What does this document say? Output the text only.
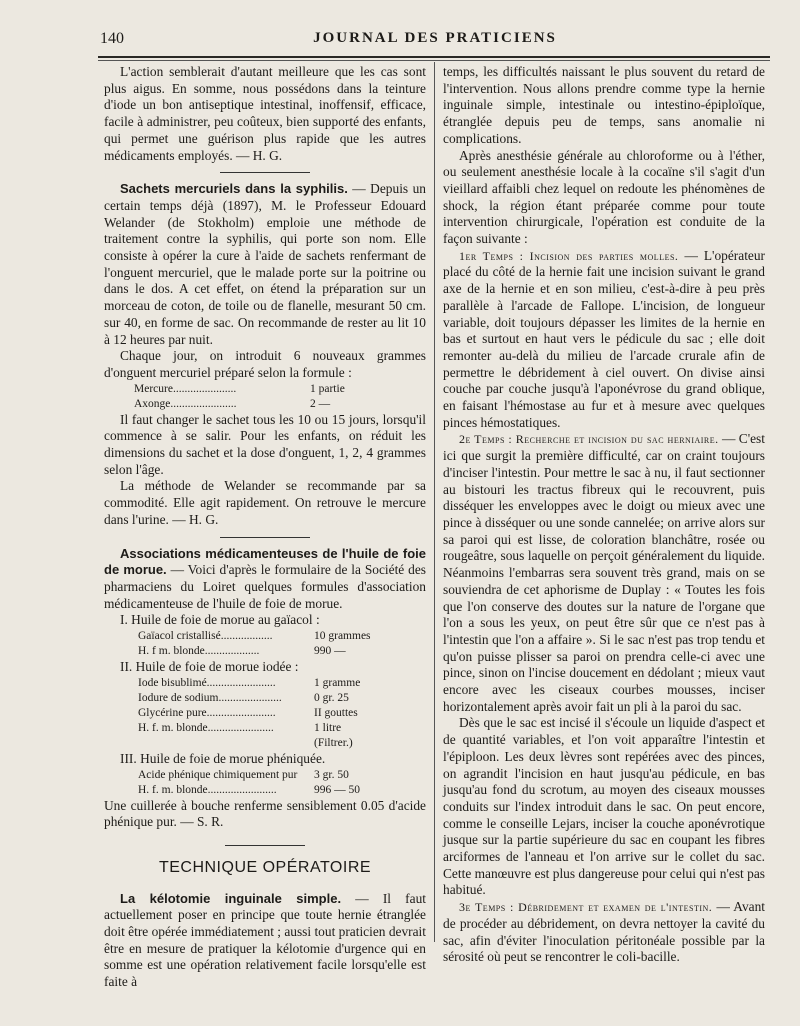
140	JOURNAL DES PRATICIENS

L'action semblerait d'autant meilleure que les cas sont plus aigus. En somme, nous possédons dans la teinture d'iode un bon antiseptique intestinal, inoffensif, efficace, facile à administrer, peu coûteux, bien supporté des enfants, qui permet une guérison plus rapide que les autres médicaments employés. — H. G.

Sachets mercuriels dans la syphilis. — Depuis un certain temps déjà (1897), M. le Professeur Edouard Welander (de Stokholm) emploie une méthode de traitement contre la syphilis, qui porte son nom. Elle consiste à opérer la cure à l'aide de sachets renfermant de l'onguent mercuriel, que le malade porte sur la poitrine ou dans le dos. A cet effet, on étend la préparation sur un morceau de coton, de toile ou de flanelle, mesurant 50 cm. sur 40, en forme de sac. On recommande de rester au lit 10 à 12 heures par nuit.

Chaque jour, on introduit 6 nouveaux grammes d'onguent mercuriel préparé selon la formule :

Mercure......................	1 partie
Axonge.......................	2 —

Il faut changer le sachet tous les 10 ou 15 jours, lorsqu'il commence à se salir. Pour les enfants, on réduit les dimensions du sachet et la dose d'onguent, 1, 2, 4 grammes selon l'âge.

La méthode de Welander se recommande par sa commodité. Elle agit rapidement. On retrouve le mercure dans l'urine. — H. G.

Associations médicamenteuses de l'huile de foie de morue. — Voici d'après le formulaire de la Société des pharmaciens du Loiret quelques formules d'association médicamenteuse de l'huile de foie de morue.

I. Huile de foie de morue au gaïacol :

Gaïacol cristallisé..................	10 grammes
H. f m. blonde...................	990 —

II. Huile de foie de morue iodée :

Iode bisublimé........................	1 gramme
Iodure de sodium......................	0 gr. 25
Glycérine pure........................	II gouttes
H. f. m. blonde.......................	1 litre
(Filtrer.)

III. Huile de foie de morue phéniquée.

Acide phénique chimiquement pur	3 gr. 50
H. f. m. blonde........................	996 — 50

Une cuillerée à bouche renferme sensiblement 0.05 d'acide phénique pur. — S. R.

TECHNIQUE OPÉRATOIRE

La kélotomie inguinale simple. — Il faut actuellement poser en principe que toute hernie étranglée doit être opérée immédiatement ; aussi tout praticien devrait être en mesure de pratiquer la kélotomie d'urgence qui en somme est une opération relativement facile lorsqu'elle est faite à

temps, les difficultés naissant le plus souvent du retard de l'intervention. Nous allons prendre comme type la hernie inguinale simple, intestinale ou intestino-épiploïque, étranglée depuis peu de temps, sans anomalie ni complications.

Après anesthésie générale au chloroforme ou à l'éther, ou seulement anesthésie locale à la cocaïne s'il s'agit d'un vieillard affaibli chez lequel on redoute les phénomènes de shock, la région étant préparée comme pour toute intervention chirurgicale, l'opération est conduite de la façon suivante :

1er Temps : Incision des parties molles. — L'opérateur placé du côté de la hernie fait une incision suivant le grand axe de la hernie et en son milieu, c'est-à-dire à peu près parallèle à l'arcade de Fallope. L'incision, de longueur variable, doit toujours dépasser les limites de la hernie en bas et surtout en haut vers le pédicule du sac ; elle doit remonter au-delà du milieu de l'arcade crurale afin de permettre le débridement à ciel ouvert. On divise ainsi couche par couche jusqu'à l'aponévrose du grand oblique, en faisant l'hémostase au fur et à mesure avec quelques pinces hémostatiques.

2e Temps : Recherche et incision du sac herniaire. — C'est ici que surgit la première difficulté, car on craint toujours d'inciser l'intestin. Pour mettre le sac à nu, il faut sectionner au bistouri les tractus fibreux qui le recouvrent, puis disséquer les enveloppes avec le doigt ou mieux avec une pince à disséquer ou une sonde cannelée; on arrive alors sur sa paroi qui est lisse, de coloration blanchâtre, rosée ou rougeâtre, sous laquelle on perçoit généralement du liquide. Néanmoins l'embarras sera souvent très grand, mais on se souviendra de cet aphorisme de Duplay : « Toutes les fois que l'on conserve des doutes sur la nature de l'organe que l'on a sous les yeux, on peut être sûr que ce n'est pas à l'intestin que l'on a affaire ». Si le sac n'est pas trop tendu et qu'on puisse plisser sa paroi on prendra celle-ci avec une pince, sinon on l'incise doucement en dédolant ; mieux vaut encore avec les ciseaux courbes mousses, inciser horizontalement après avoir fait un pli à la paroi du sac.

Dès que le sac est incisé il s'écoule un liquide d'aspect et de quantité variables, et l'on voit apparaître l'intestin et l'épiploon. Les deux lèvres sont repérées avec des pinces, on agrandit l'incision en haut jusqu'au pédicule, en bas jusqu'au fond du scrotum, au moyen des ciseaux mousses conduits sur l'index introduit dans le sac. On peut encore, comme le conseille Lejars, inciser la couche aponévrotique jusque sur la partie supérieure du sac en coupant les fibres arciformes de l'anneau et l'on arrive sur le collet du sac. Cette manœuvre est plus dangereuse pour celui qui n'est pas habitué.

3e Temps : Débridement et examen de l'intestin. — Avant de procéder au débridement, on devra nettoyer la cavité du sac, afin d'éviter l'inoculation péritonéale possible par la sérosité où peut se rencontrer le coli-bacille.
